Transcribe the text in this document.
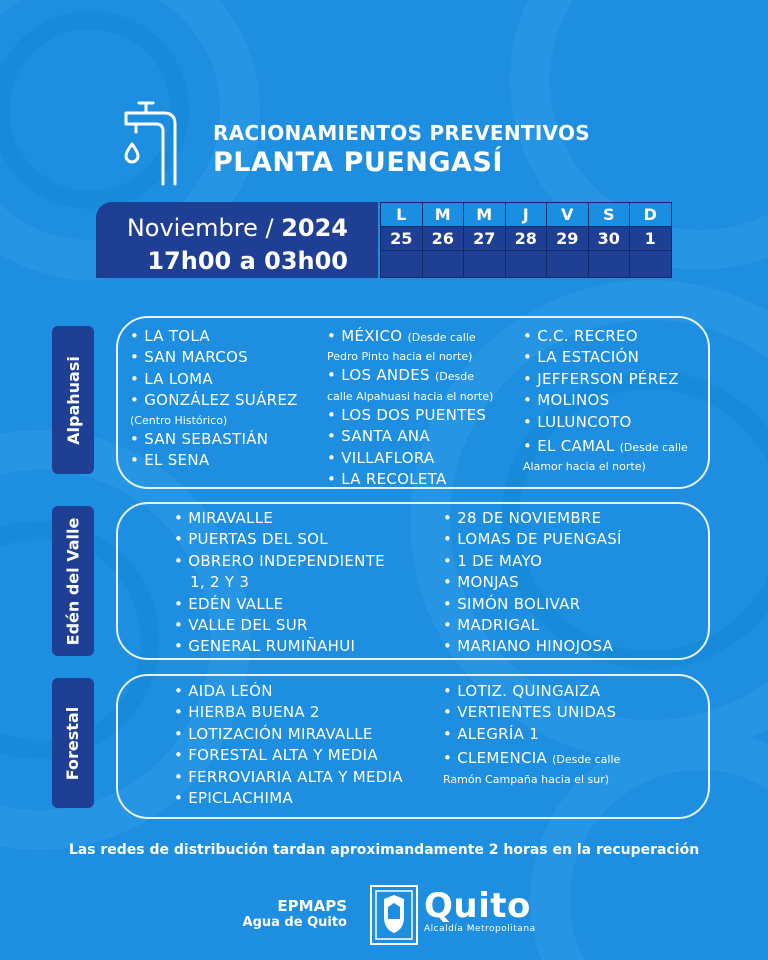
RACIONAMIENTOS PREVENTIVOS
PLANTA PUENGASÍ
Noviembre / 2024
17h00 a 03h00
L	M	M	J	V	S	D
25	26	27	28	29	30	1

Alpahuasi
Edén del Valle
Forestal
• LA TOLA
• SAN MARCOS
• LA LOMA
• GONZÁLEZ SUÁREZ
(Centro Histórico)
• SAN SEBASTIÁN
• EL SENA
• MÉXICO (Desde calle
Pedro Pinto hacia el norte)
• LOS ANDES (Desde
calle Alpahuasi hacia el norte)
• LOS DOS PUENTES
• SANTA ANA
• VILLAFLORA
• LA RECOLETA
• C.C. RECREO
• LA ESTACIÓN
• JEFFERSON PÉREZ
• MOLINOS
• LULUNCOTO
• EL CAMAL (Desde calle
Alamor hacia el norte)
• MIRAVALLE
• PUERTAS DEL SOL
• OBRERO INDEPENDIENTE
1, 2 Y 3
• EDÉN VALLE
• VALLE DEL SUR
• GENERAL RUMIÑAHUI
• 28 DE NOVIEMBRE
• LOMAS DE PUENGASÍ
• 1 DE MAYO
• MONJAS
• SIMÓN BOLIVAR
• MADRIGAL
• MARIANO HINOJOSA
• AIDA LEÓN
• HIERBA BUENA 2
• LOTIZACIÓN MIRAVALLE
• FORESTAL ALTA Y MEDIA
• FERROVIARIA ALTA Y MEDIA
• EPICLACHIMA
• LOTIZ. QUINGAIZA
• VERTIENTES UNIDAS
• ALEGRÍA 1
• CLEMENCIA (Desde calle
Ramón Campaña hacia el sur)
Las redes de distribución tardan aproximandamente 2 horas en la recuperación
EPMAPS
Agua de Quito Quito
Alcaldía Metropolitana
